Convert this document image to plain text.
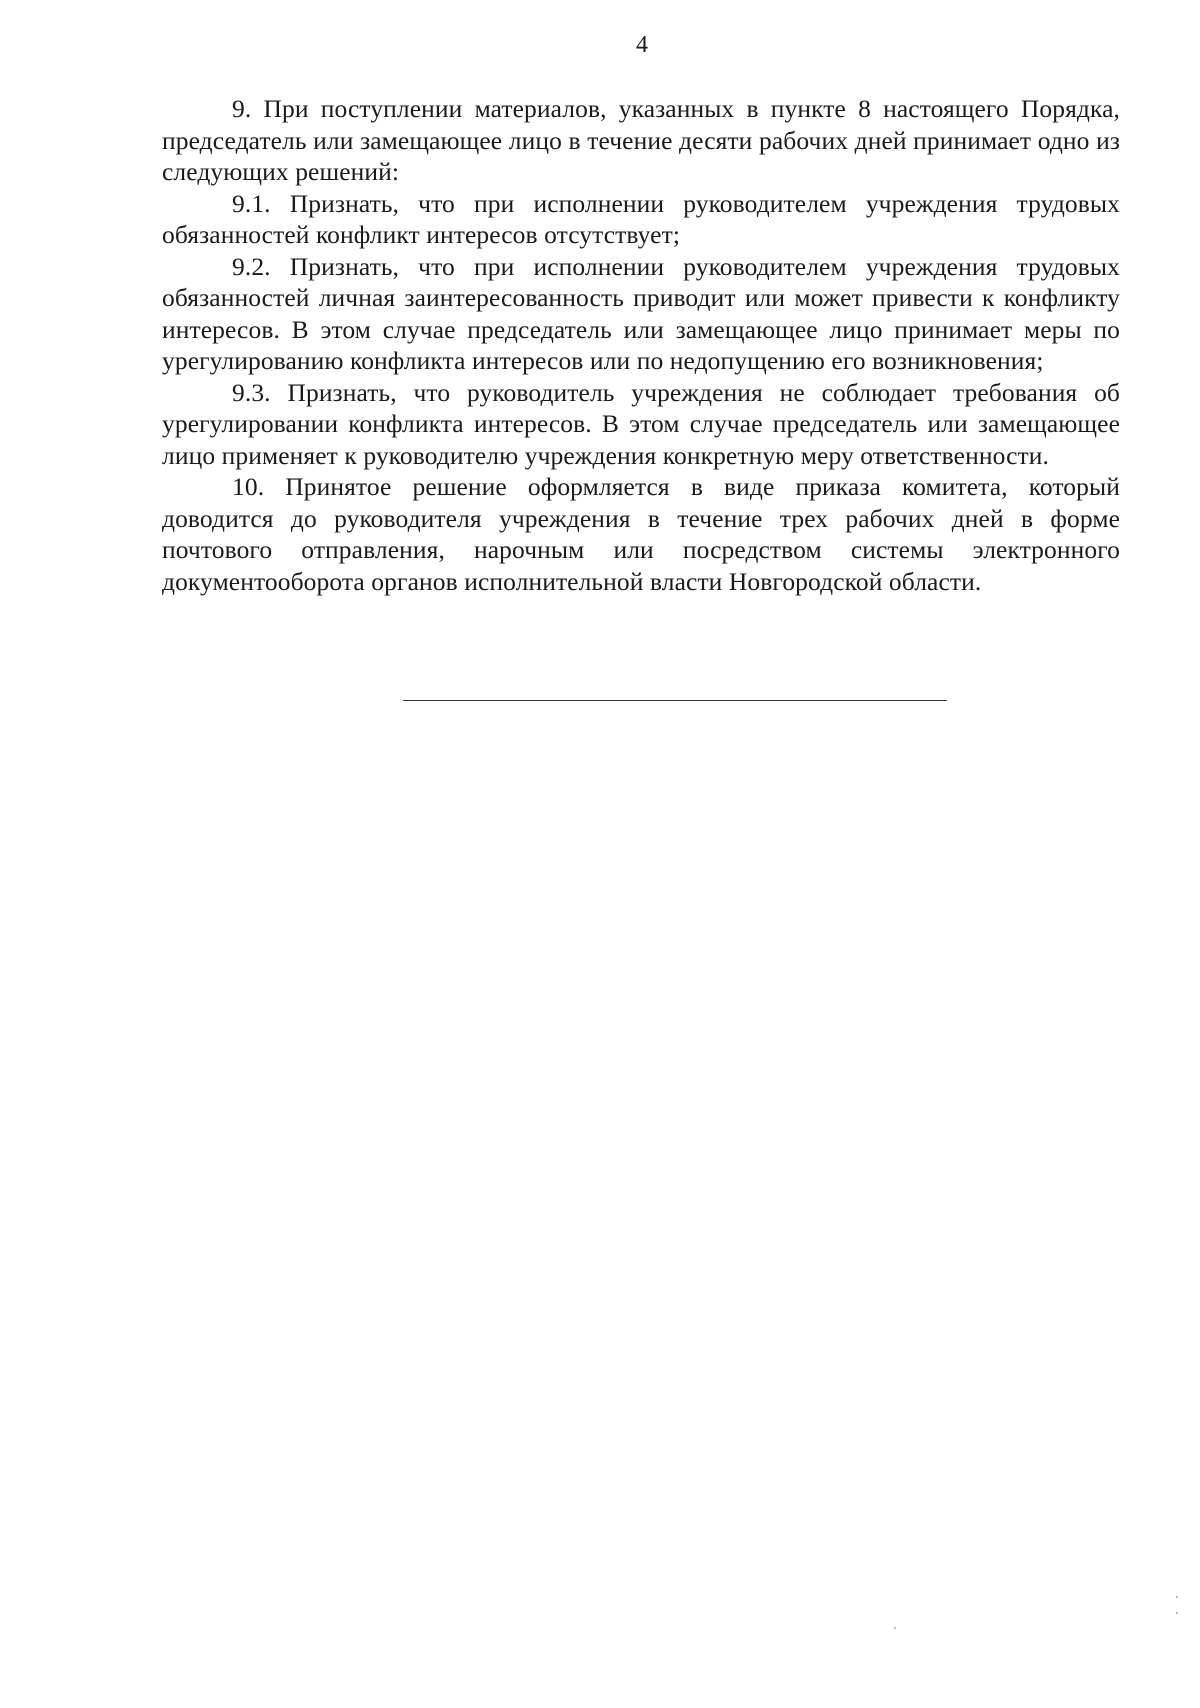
4

9. При поступлении материалов, указанных в пункте 8 настоящего Порядка, председатель или замещающее лицо в течение десяти рабочих дней принимает одно из следующих решений:

9.1. Признать, что при исполнении руководителем учреждения трудовых обязанностей конфликт интересов отсутствует;

9.2. Признать, что при исполнении руководителем учреждения трудовых обязанностей личная заинтересованность приводит или может привести к конфликту интересов. В этом случае председатель или замещающее лицо принимает меры по урегулированию конфликта интересов или по недопущению его возникновения;

9.3. Признать, что руководитель учреждения не соблюдает требования об урегулировании конфликта интересов. В этом случае председатель или замещающее лицо применяет к руководителю учреждения конкретную меру ответственности.

10. Принятое решение оформляется в виде приказа комитета, который доводится до руководителя учреждения в течение трех рабочих дней в форме почтового отправления, нарочным или посредством системы электронного документооборота органов исполнительной власти Новгородской области.
